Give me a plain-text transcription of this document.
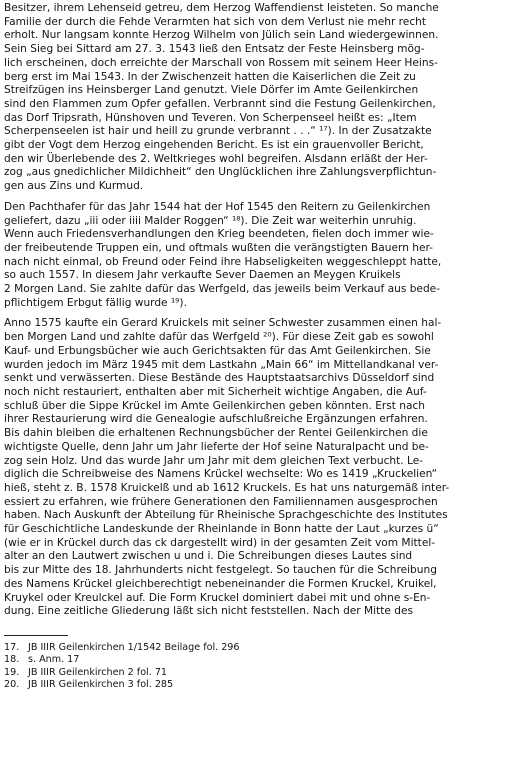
Besitzer, ihrem Lehenseid getreu, dem Herzog Waffendienst leisteten. So manche
Familie der durch die Fehde Verarmten hat sich von dem Verlust nie mehr recht
erholt. Nur langsam konnte Herzog Wilhelm von Jülich sein Land wiedergewinnen.
Sein Sieg bei Sittard am 27. 3. 1543 ließ den Entsatz der Feste Heinsberg mög-
lich erscheinen, doch erreichte der Marschall von Rossem mit seinem Heer Heins-
berg erst im Mai 1543. In der Zwischenzeit hatten die Kaiserlichen die Zeit zu
Streifzügen ins Heinsberger Land genutzt. Viele Dörfer im Amte Geilenkirchen
sind den Flammen zum Opfer gefallen. Verbrannt sind die Festung Geilenkirchen,
das Dorf Tripsrath, Hünshoven und Teveren. Von Scherpenseel heißt es: „Item
Scherpenseelen ist hair und heill zu grunde verbrannt . . .“ ¹⁷). In der Zusatzakte
gibt der Vogt dem Herzog eingehenden Bericht. Es ist ein grauenvoller Bericht,
den wir Überlebende des 2. Weltkrieges wohl begreifen. Alsdann erläßt der Her-
zog „aus gnedichlicher Mildichheit“ den Unglücklichen ihre Zahlungsverpflichtun-
gen aus Zins und Kurmud.
Den Pachthafer für das Jahr 1544 hat der Hof 1545 den Reitern zu Geilenkirchen
geliefert, dazu „iii oder iiii Malder Roggen“ ¹⁸). Die Zeit war weiterhin unruhig.
Wenn auch Friedensverhandlungen den Krieg beendeten, fielen doch immer wie-
der freibeutende Truppen ein, und oftmals wußten die verängstigten Bauern her-
nach nicht einmal, ob Freund oder Feind ihre Habseligkeiten weggeschleppt hatte,
so auch 1557. In diesem Jahr verkaufte Sever Daemen an Meygen Kruikels
2 Morgen Land. Sie zahlte dafür das Werfgeld, das jeweils beim Verkauf aus bede-
pflichtigem Erbgut fällig wurde ¹⁹).
Anno 1575 kaufte ein Gerard Kruickels mit seiner Schwester zusammen einen hal-
ben Morgen Land und zahlte dafür das Werfgeld ²⁰). Für diese Zeit gab es sowohl
Kauf- und Erbungsbücher wie auch Gerichtsakten für das Amt Geilenkirchen. Sie
wurden jedoch im März 1945 mit dem Lastkahn „Main 66“ im Mittellandkanal ver-
senkt und verwässerten. Diese Bestände des Hauptstaatsarchivs Düsseldorf sind
noch nicht restauriert, enthalten aber mit Sicherheit wichtige Angaben, die Auf-
schluß über die Sippe Krückel im Amte Geilenkirchen geben könnten. Erst nach
ihrer Restaurierung wird die Genealogie aufschlußreiche Ergänzungen erfahren.
Bis dahin bleiben die erhaltenen Rechnungsbücher der Rentei Geilenkirchen die
wichtigste Quelle, denn Jahr um Jahr lieferte der Hof seine Naturalpacht und be-
zog sein Holz. Und das wurde Jahr um Jahr mit dem gleichen Text verbucht. Le-
diglich die Schreibweise des Namens Krückel wechselte: Wo es 1419 „Kruckelien“
hieß, steht z. B. 1578 Kruickelß und ab 1612 Kruckels. Es hat uns naturgemäß inter-
essiert zu erfahren, wie frühere Generationen den Familiennamen ausgesprochen
haben. Nach Auskunft der Abteilung für Rheinische Sprachgeschichte des Institutes
für Geschichtliche Landeskunde der Rheinlande in Bonn hatte der Laut „kurzes ü“
(wie er in Krückel durch das ck dargestellt wird) in der gesamten Zeit vom Mittel-
alter an den Lautwert zwischen u und i. Die Schreibungen dieses Lautes sind
bis zur Mitte des 18. Jahrhunderts nicht festgelegt. So tauchen für die Schreibung
des Namens Krückel gleichberechtigt nebeneinander die Formen Kruckel, Kruikel,
Kruykel oder Kreulckel auf. Die Form Kruckel dominiert dabei mit und ohne s-En-
dung. Eine zeitliche Gliederung läßt sich nicht feststellen. Nach der Mitte des
17. JB IIIR Geilenkirchen 1/1542 Beilage fol. 296
18. s. Anm. 17
19. JB IIIR Geilenkirchen 2 fol. 71
20. JB IIIR Geilenkirchen 3 fol. 285
